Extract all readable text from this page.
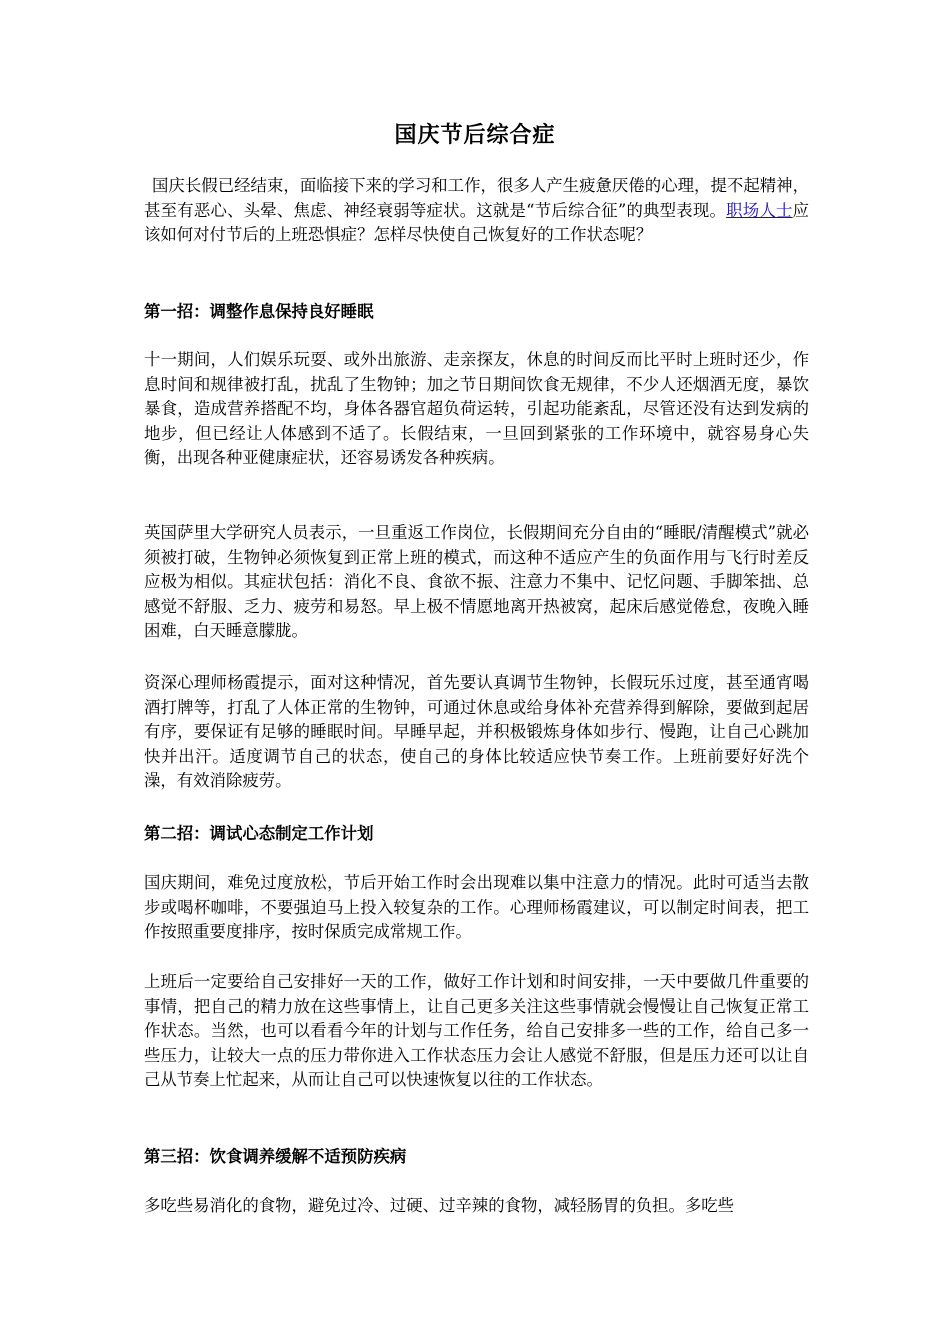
国庆节后综合症

国庆长假已经结束，面临接下来的学习和工作，很多人产生疲惫厌倦的心理，提不起精神，甚至有恶心、头晕、焦虑、神经衰弱等症状。这就是“节后综合征”的典型表现。职场人士应该如何对付节后的上班恐惧症？怎样尽快使自己恢复好的工作状态呢？

第一招：调整作息保持良好睡眠

十一期间，人们娱乐玩耍、或外出旅游、走亲探友，休息的时间反而比平时上班时还少，作息时间和规律被打乱，扰乱了生物钟；加之节日期间饮食无规律，不少人还烟酒无度，暴饮暴食，造成营养搭配不均，身体各器官超负荷运转，引起功能紊乱，尽管还没有达到发病的地步，但已经让人体感到不适了。长假结束，一旦回到紧张的工作环境中，就容易身心失衡，出现各种亚健康症状，还容易诱发各种疾病。

英国萨里大学研究人员表示，一旦重返工作岗位，长假期间充分自由的“睡眠/清醒模式”就必须被打破，生物钟必须恢复到正常上班的模式，而这种不适应产生的负面作用与飞行时差反应极为相似。其症状包括：消化不良、食欲不振、注意力不集中、记忆问题、手脚笨拙、总感觉不舒服、乏力、疲劳和易怒。早上极不情愿地离开热被窝，起床后感觉倦怠，夜晚入睡困难，白天睡意朦胧。

资深心理师杨霞提示，面对这种情况，首先要认真调节生物钟，长假玩乐过度，甚至通宵喝酒打牌等，打乱了人体正常的生物钟，可通过休息或给身体补充营养得到解除，要做到起居有序，要保证有足够的睡眠时间。早睡早起，并积极锻炼身体如步行、慢跑，让自己心跳加快并出汗。适度调节自己的状态，使自己的身体比较适应快节奏工作。上班前要好好洗个澡，有效消除疲劳。

第二招：调试心态制定工作计划

国庆期间，难免过度放松，节后开始工作时会出现难以集中注意力的情况。此时可适当去散步或喝杯咖啡，不要强迫马上投入较复杂的工作。心理师杨霞建议，可以制定时间表，把工作按照重要度排序，按时保质完成常规工作。

上班后一定要给自己安排好一天的工作，做好工作计划和时间安排，一天中要做几件重要的事情，把自己的精力放在这些事情上，让自己更多关注这些事情就会慢慢让自己恢复正常工作状态。当然，也可以看看今年的计划与工作任务，给自己安排多一些的工作，给自己多一些压力，让较大一点的压力带你进入工作状态压力会让人感觉不舒服，但是压力还可以让自己从节奏上忙起来，从而让自己可以快速恢复以往的工作状态。

第三招：饮食调养缓解不适预防疾病

多吃些易消化的食物，避免过冷、过硬、过辛辣的食物，减轻肠胃的负担。多吃些
